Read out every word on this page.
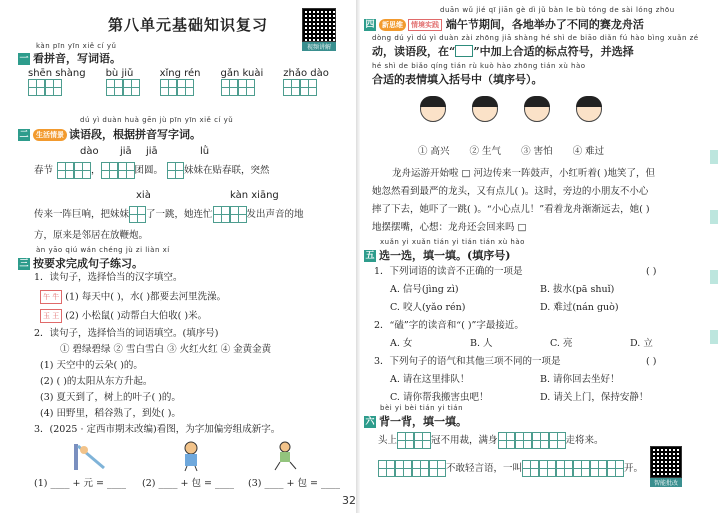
第八单元基础知识复习
视频讲解
kàn pīn yīn xiě cí yǔ
一 看拼音，写词语。
shēn shàng bù jiǔ	xǐng rén gǎn kuài zhǎo dào
dú yì duàn huà gēn jù pīn yīn xiě cí yǔ
二 生活情景 读语段，根据拼音写字词。
dào jiā jiā	lǜ
春节	，	团圆。 妹妹在贴春联，突然
xià	kàn xiāng
传来一阵巨响，把妹妹 了一跳，她连忙	发出声音的地
方，原来是邻居在放鞭炮。
àn yāo qiú wán chéng jù zi liàn xí
三 按要求完成句子练习。
1．读句子，选择恰当的汉字填空。
午 牛 (1) 每天中( )，水( )都要去河里洗澡。
玉 王 (2) 小松鼠( )动帮白大伯收( )米。
2．读句子，选择恰当的词语填空。(填序号)
① 碧绿碧绿 ② 雪白雪白 ③ 火红火红 ④ 金黄金黄
(1) 天空中的云朵( )的。
(2) ( )的太阳从东方升起。
(3) 夏天到了，树上的叶子( )的。
(4) 田野里，稻谷熟了，到处( )。
3．(2025 · 定西市期末改编)看图，为字加偏旁组成新字。
(1) ____ + 元 = ____ (2) ____ + 包 = ____ (3) ____ + 包 = ____
duān wǔ jié qī jiān gè dì jǔ bàn le bù tóng de sài lóng zhōu
四 新思维 情境实践 端午节期间，各地举办了不同的赛龙舟活
dòng dú yì dú yì duàn zài zhōng jiā shàng hé shì de biāo diǎn fú hào bìng xuǎn zé
动，读语段，在“ ”中加上合适的标点符号，并选择
hé shì de biǎo qíng tián rù kuò hào zhōng tián xù hào
合适的表情填入括号中（填序号）。
① 高兴 ② 生气 ③ 害怕 ④ 难过
龙舟运游开始啦 □ 河边传来一阵鼓声，小红听着( )地笑了，但
她忽然看到最严的龙头，又有点儿( )。这时，旁边的小朋友不小心
摔了下去，她吓了一跳( )。“小心点儿！”看着龙舟渐渐远去，她( )
地摆摆嘴，心想：龙舟还会回来吗 □
xuǎn yi xuǎn tián yi tián tián xù hào
五 选一选，填一填。(填序号)
1．下列词语的读音不正确的一项是	( )
A. 信号(jìng zì)	B. 拔水(pā shuǐ)
C. 咬人(yǎo rén)	D. 难过(nán guò)
2．“磕”字的读音和“( )”字最接近。
A. 女	B. 人	C. 亮	D. 立
3．下列句子的语气和其他三项不同的一项是	( )
A. 请在这里排队！	B. 请你回去坐好！
C. 请你帮我搬害虫吧！	D. 请关上门，保持安静！
bèi yi bèi tián yi tián
六 背一背，填一填。
头上	冠不用裁，满身	走将来。
不敢轻言语，一叫	开。
智能批改
32
